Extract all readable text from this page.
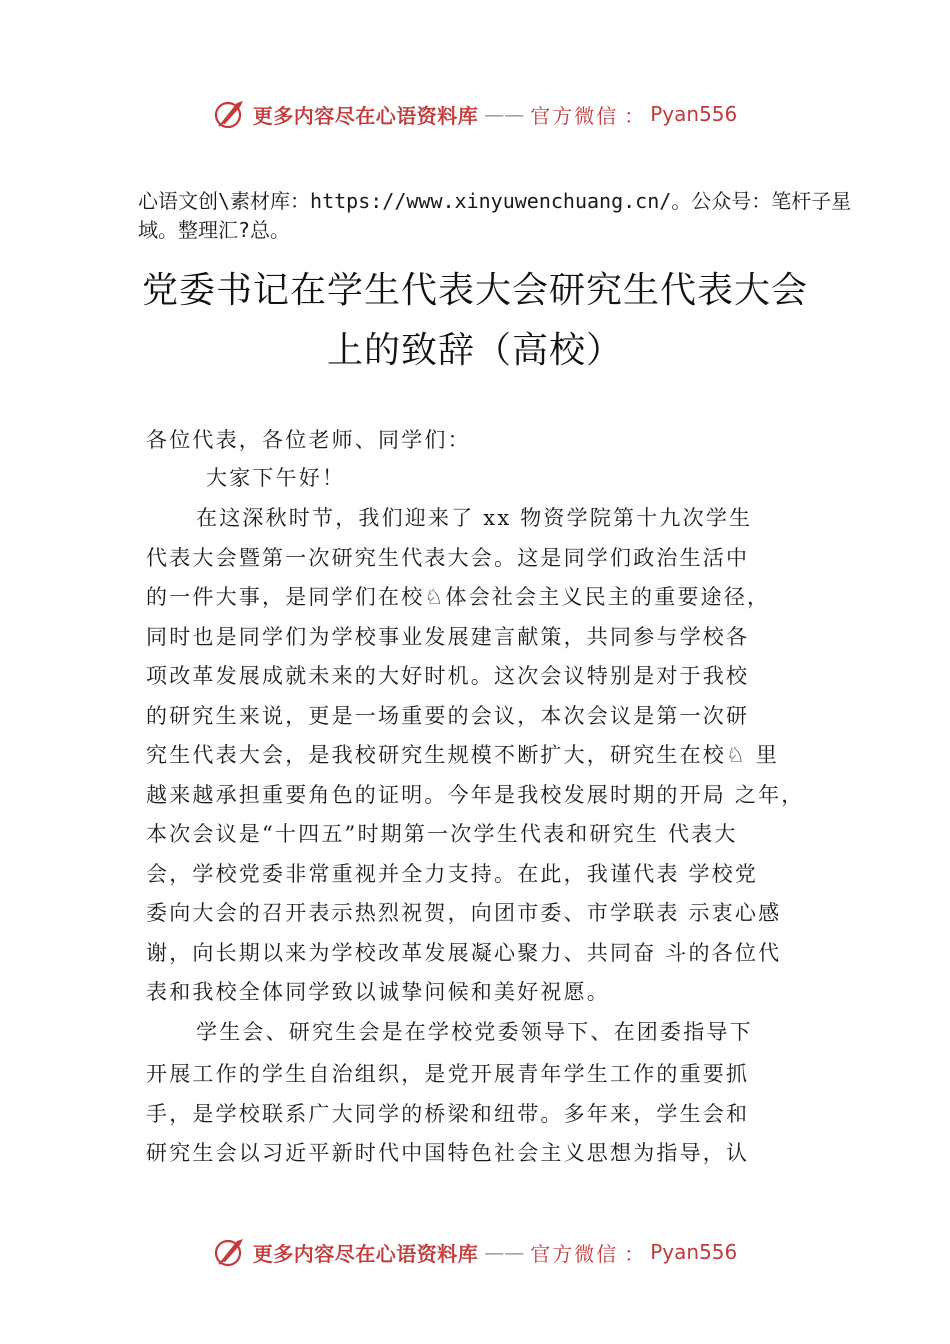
更多内容尽在心语资料库 —— 官方微信 ： Pyan556
心语文创\素材库：https://www.xinyuwenchuang.cn/。公众号：笔杆子星域。整理汇?总。
党委书记在学生代表大会研究生代表大会
上的致辞（高校）
各位代表，各位老师、同学们：
大家下午好！
在这深秋时节，我们迎来了 xx 物资学院第十九次学生
代表大会暨第一次研究生代表大会。这是同学们政治生活中
的一件大事，是同学们在校♘体会社会主义民主的重要途径，
同时也是同学们为学校事业发展建言献策，共同参与学校各
项改革发展成就未来的大好时机。这次会议特别是对于我校
的研究生来说，更是一场重要的会议，本次会议是第一次研
究生代表大会，是我校研究生规模不断扩大，研究生在校♘ 里
越来越承担重要角色的证明。今年是我校发展时期的开局 之年，
本次会议是“十四五”时期第一次学生代表和研究生 代表大
会，学校党委非常重视并全力支持。在此，我谨代表 学校党
委向大会的召开表示热烈祝贺，向团市委、市学联表 示衷心感
谢，向长期以来为学校改革发展凝心聚力、共同奋 斗的各位代
表和我校全体同学致以诚挚问候和美好祝愿。
学生会、研究生会是在学校党委领导下、在团委指导下
开展工作的学生自治组织，是党开展青年学生工作的重要抓
手，是学校联系广大同学的桥梁和纽带。多年来，学生会和
研究生会以习近平新时代中国特色社会主义思想为指导，认
更多内容尽在心语资料库 —— 官方微信 ： Pyan556
